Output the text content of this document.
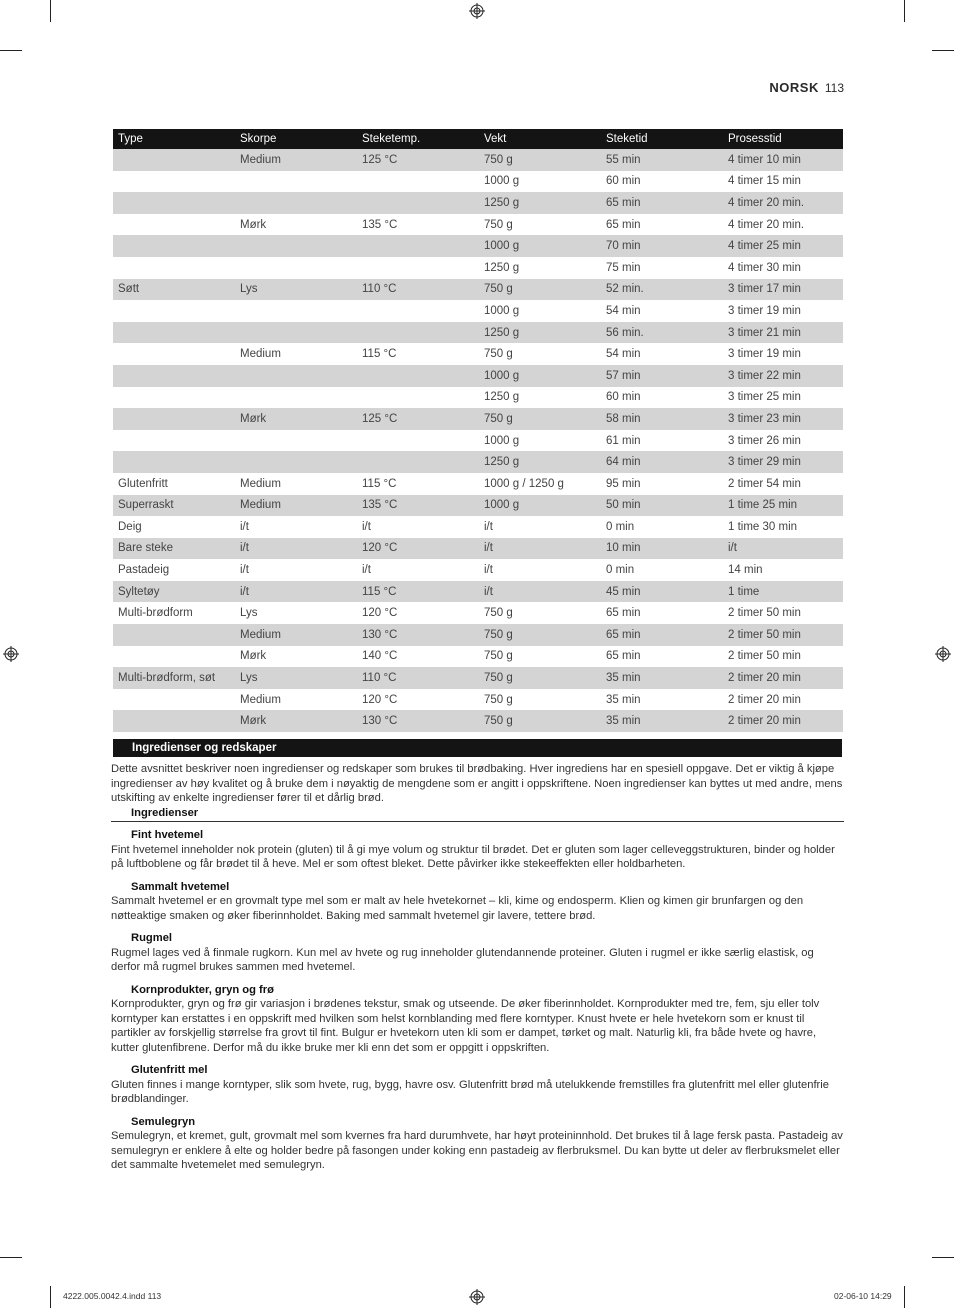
NORSK 113
Type	Skorpe	Steketemp.	Vekt	Steketid	Prosesstid
	Medium	125 °C	750 g	55 min	4 timer 10 min
			1000 g	60 min	4 timer 15 min
			1250 g	65 min	4 timer 20 min.
	Mørk	135 °C	750 g	65 min	4 timer 20 min.
			1000 g	70 min	4 timer 25 min
			1250 g	75 min	4 timer 30 min
Søtt	Lys	110 °C	750 g	52 min.	3 timer 17 min
			1000 g	54 min	3 timer 19 min
			1250 g	56 min.	3 timer 21 min
	Medium	115 °C	750 g	54 min	3 timer 19 min
			1000 g	57 min	3 timer 22 min
			1250 g	60 min	3 timer 25 min
	Mørk	125 °C	750 g	58 min	3 timer 23 min
			1000 g	61 min	3 timer 26 min
			1250 g	64 min	3 timer 29 min
Glutenfritt	Medium	115 °C	1000 g / 1250 g	95 min	2 timer 54 min
Superraskt	Medium	135 °C	1000 g	50 min	1 time 25 min
Deig	i/t	i/t	i/t	0 min	1 time 30 min
Bare steke	i/t	120 °C	i/t	10 min	i/t
Pastadeig	i/t	i/t	i/t	0 min	14 min
Syltetøy	i/t	115 °C	i/t	45 min	1 time
Multi-brødform	Lys	120 °C	750 g	65 min	2 timer 50 min
	Medium	130 °C	750 g	65 min	2 timer 50 min
	Mørk	140 °C	750 g	65 min	2 timer 50 min
Multi-brødform, søt	Lys	110 °C	750 g	35 min	2 timer 20 min
	Medium	120 °C	750 g	35 min	2 timer 20 min
	Mørk	130 °C	750 g	35 min	2 timer 20 min
Ingredienser og redskaper

Dette avsnittet beskriver noen ingredienser og redskaper som brukes til brødbaking. Hver ingrediens har en spesiell oppgave. Det er viktig å kjøpe ingredienser av høy kvalitet og å bruke dem i nøyaktig de mengdene som er angitt i oppskriftene. Noen ingredienser kan byttes ut med andre, mens utskifting av enkelte ingredienser fører til et dårlig brød.

Ingredienser
Fint hvetemel

Fint hvetemel inneholder nok protein (gluten) til å gi mye volum og struktur til brødet. Det er gluten som lager celleveggstrukturen, binder og holder på luftboblene og får brødet til å heve. Mel er som oftest bleket. Dette påvirker ikke stekeeffekten eller holdbarheten.

Sammalt hvetemel

Sammalt hvetemel er en grovmalt type mel som er malt av hele hvetekornet – kli, kime og endosperm. Klien og kimen gir brunfargen og den nøtteaktige smaken og øker fiberinnholdet. Baking med sammalt hvetemel gir lavere, tettere brød.

Rugmel

Rugmel lages ved å finmale rugkorn. Kun mel av hvete og rug inneholder glutendannende proteiner. Gluten i rugmel er ikke særlig elastisk, og derfor må rugmel brukes sammen med hvetemel.

Kornprodukter, gryn og frø

Kornprodukter, gryn og frø gir variasjon i brødenes tekstur, smak og utseende. De øker fiberinnholdet. Kornprodukter med tre, fem, sju eller tolv korntyper kan erstattes i en oppskrift med hvilken som helst kornblanding med flere korntyper. Knust hvete er hele hvetekorn som er knust til partikler av forskjellig størrelse fra grovt til fint. Bulgur er hvetekorn uten kli som er dampet, tørket og malt. Naturlig kli, fra både hvete og havre, kutter glutenfibrene. Derfor må du ikke bruke mer kli enn det som er oppgitt i oppskriften.

Glutenfritt mel

Gluten finnes i mange korntyper, slik som hvete, rug, bygg, havre osv. Glutenfritt brød må utelukkende fremstilles fra glutenfritt mel eller glutenfrie brødblandinger.

Semulegryn

Semulegryn, et kremet, gult, grovmalt mel som kvernes fra hard durumhvete, har høyt proteininnhold. Det brukes til å lage fersk pasta. Pastadeig av semulegryn er enklere å elte og holder bedre på fasongen under koking enn pastadeig av flerbruksmel. Du kan bytte ut deler av flerbruksmelet eller det sammalte hvetemelet med semulegryn.

4222.005.0042.4.indd 113	02-06-10 14:29
